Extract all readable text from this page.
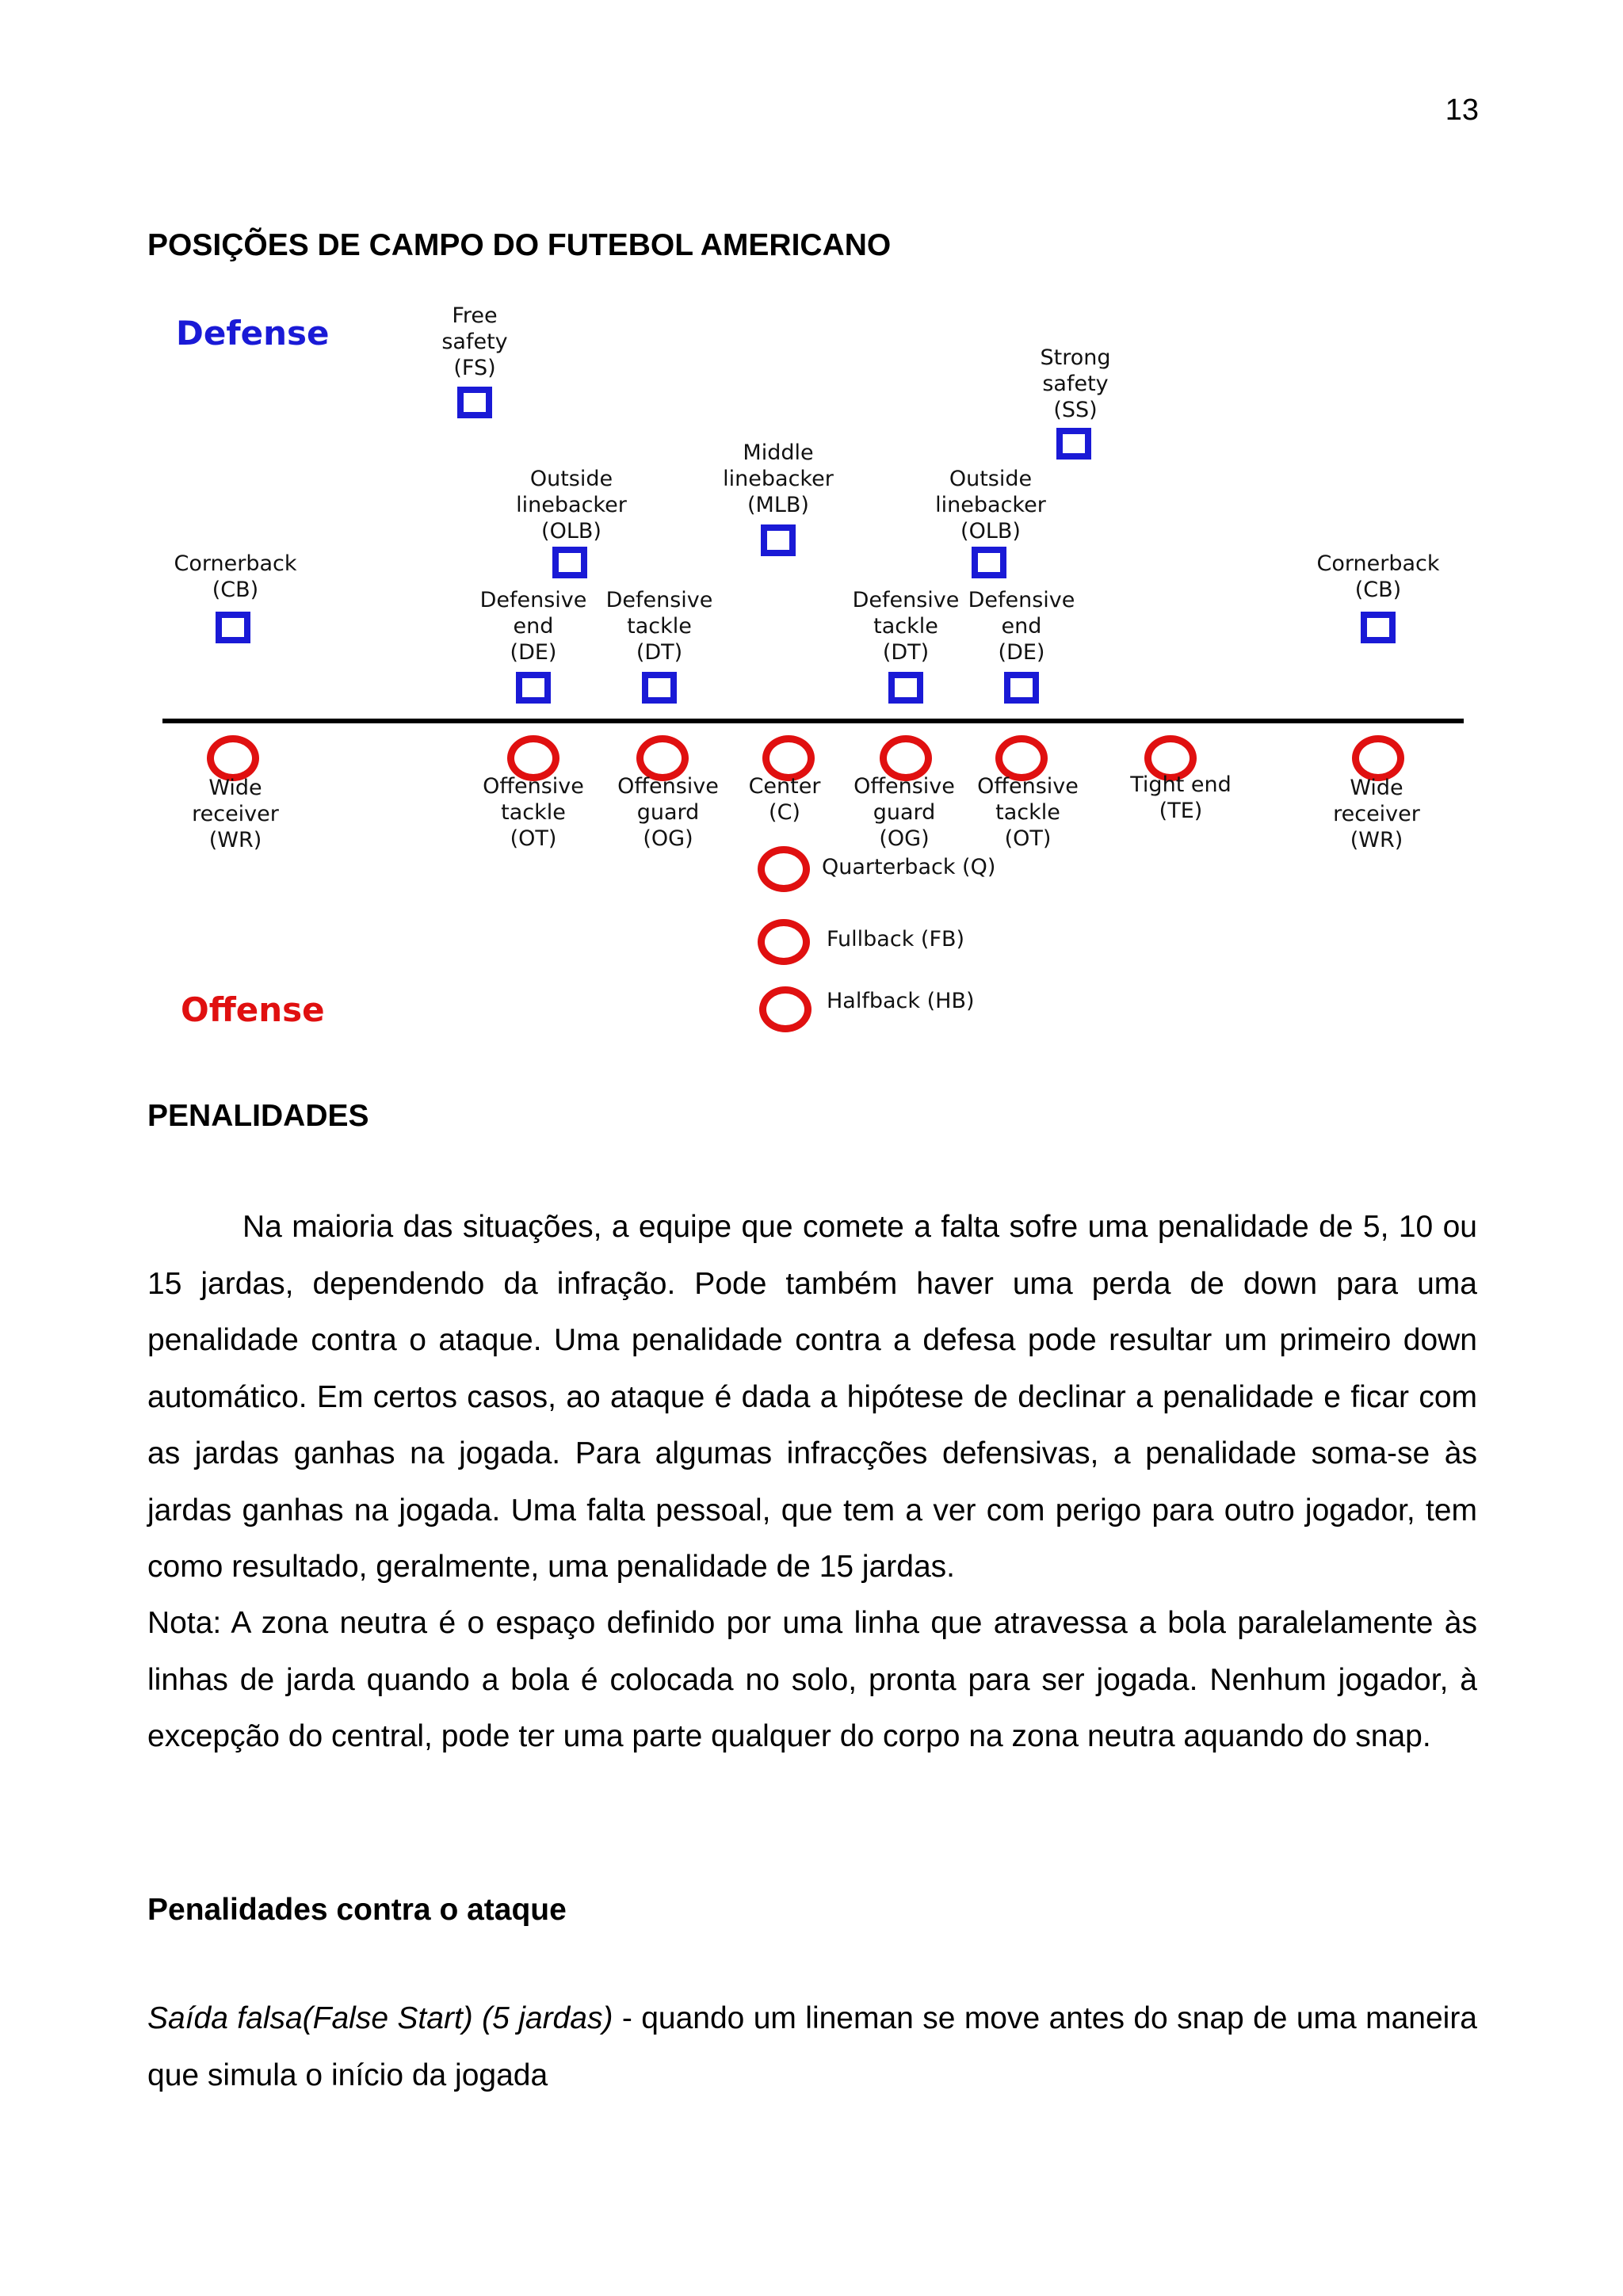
13
POSIÇÕES DE CAMPO DO FUTEBOL AMERICANO
Defense
Offense
Free
safety
(FS)	Strong
safety
(SS)
Middle
linebacker
(MLB)
Outside
linebacker
(OLB)
Outside
linebacker
(OLB)
Cornerback
(CB)
Cornerback
(CB)
Defensive
end
(DE)
Defensive
tackle
(DT)
Defensive
tackle
(DT)
Defensive
end
(DE)
Wide
receiver
(WR)
Offensive
tackle
(OT)
Offensive
guard
(OG)
Center
(C)
Offensive
guard
(OG)
Offensive
tackle
(OT)
Tight end
(TE)
Wide
receiver
(WR)
Quarterback (Q)
Fullback (FB)
Halfback (HB)
PENALIDADES

Na maioria das situações, a equipe que comete a falta sofre uma penalidade de 5, 10 ou 15 jardas, dependendo da infração. Pode também haver uma perda de down para uma penalidade contra o ataque. Uma penalidade contra a defesa pode resultar um primeiro down automático. Em certos casos, ao ataque é dada a hipótese de declinar a penalidade e ficar com as jardas ganhas na jogada. Para algumas infracções defensivas, a penalidade soma-se às jardas ganhas na jogada. Uma falta pessoal, que tem a ver com perigo para outro jogador, tem como resultado, geralmente, uma penalidade de 15 jardas.

Nota: A zona neutra é o espaço definido por uma linha que atravessa a bola paralelamente às linhas de jarda quando a bola é colocada no solo, pronta para ser jogada. Nenhum jogador, à excepção do central, pode ter uma parte qualquer do corpo na zona neutra aquando do snap.

Penalidades contra o ataque

Saída falsa(False Start) (5 jardas) - quando um lineman se move antes do snap de uma maneira que simula o início da jogada
